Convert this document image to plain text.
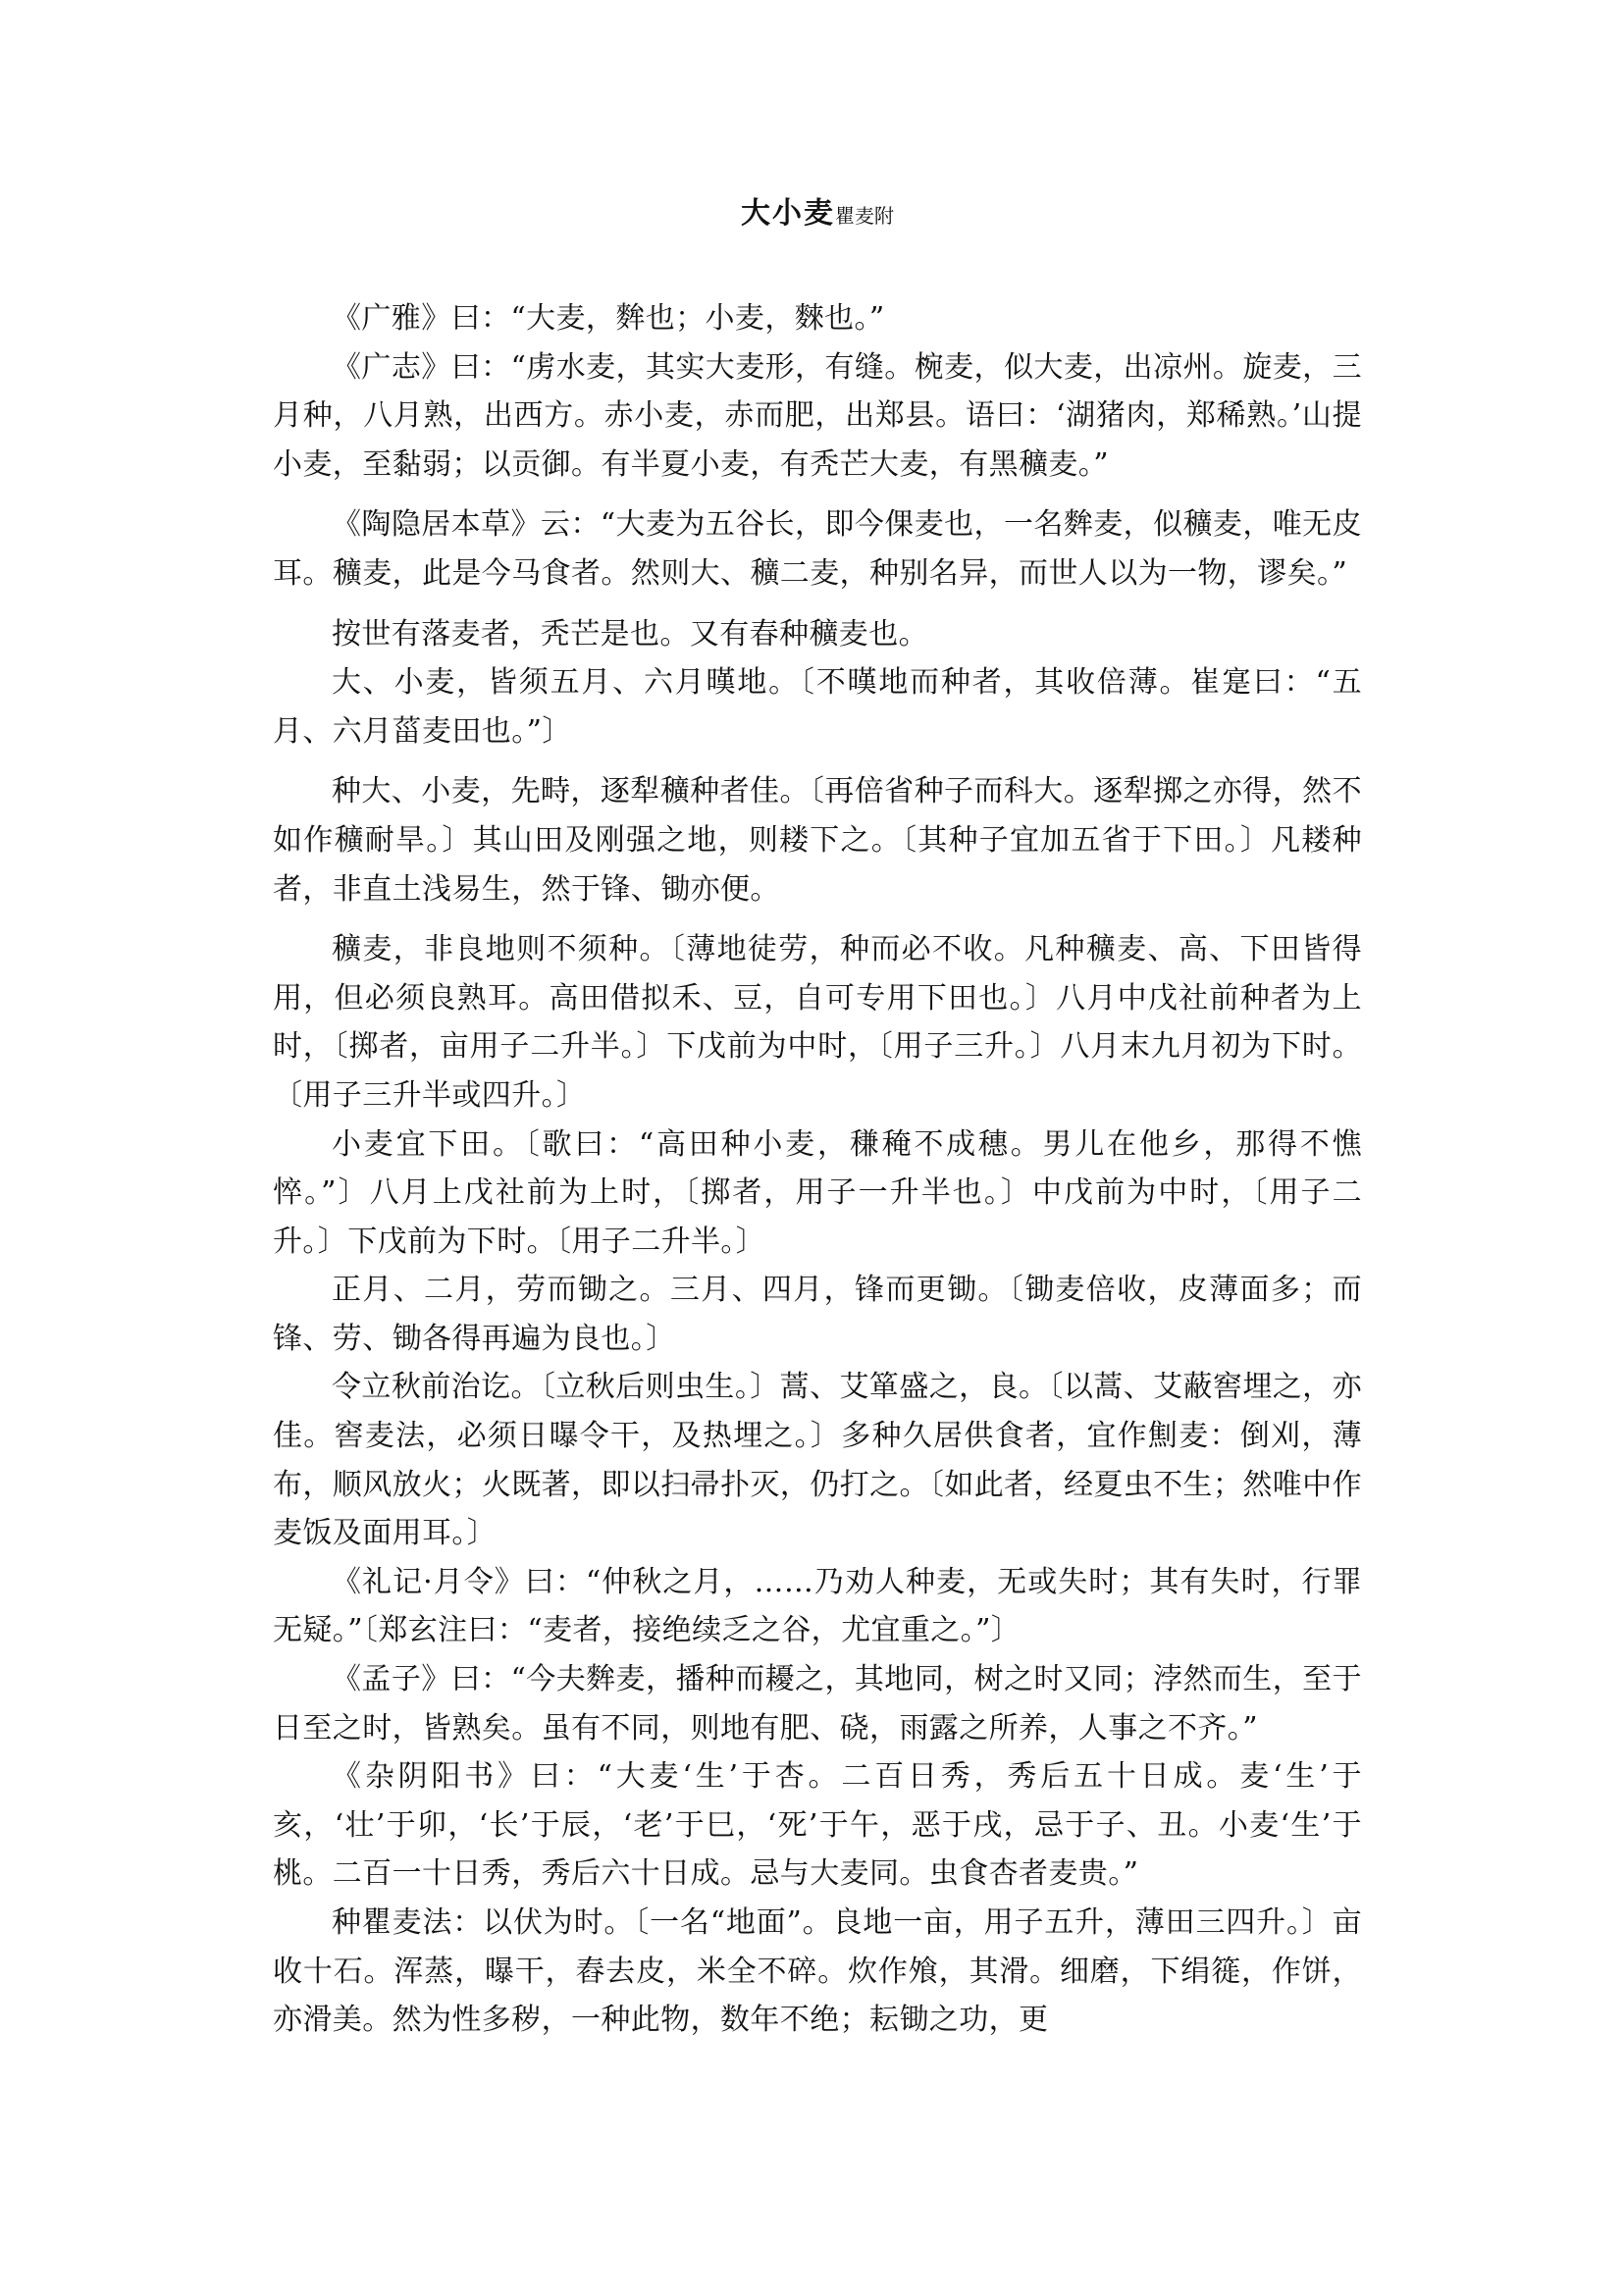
大小麦瞿麦附

《广雅》曰：“大麦，麰也；小麦，麳也。”

《广志》曰：“虏水麦，其实大麦形，有缝。椀麦，似大麦，出凉州。旋麦，三月种，八月熟，出西方。赤小麦，赤而肥，出郑县。语曰：‘湖猪肉，郑稀熟。’山提小麦，至黏弱；以贡御。有半夏小麦，有秃芒大麦，有黑穬麦。”

《陶隐居本草》云：“大麦为五谷长，即今倮麦也，一名麰麦，似穬麦，唯无皮耳。穬麦，此是今马食者。然则大、穬二麦，种别名异，而世人以为一物，谬矣。”

按世有落麦者，秃芒是也。又有春种穬麦也。

大、小麦，皆须五月、六月暵地。〔不暵地而种者，其收倍薄。崔寔曰：“五月、六月菑麦田也。”〕

种大、小麦，先畤，逐犁穬种者佳。〔再倍省种子而科大。逐犁掷之亦得，然不如作穬耐旱。〕其山田及刚强之地，则耧下之。〔其种子宜加五省于下田。〕凡耧种者，非直土浅易生，然于锋、锄亦便。

穬麦，非良地则不须种。〔薄地徒劳，种而必不收。凡种穬麦、高、下田皆得用，但必须良熟耳。高田借拟禾、豆，自可专用下田也。〕八月中戊社前种者为上时，〔掷者，亩用子二升半。〕下戊前为中时，〔用子三升。〕八月末九月初为下时。〔用子三升半或四升。〕

小麦宜下田。〔歌曰：“高田种小麦，稴䅖不成穗。男儿在他乡，那得不憔悴。”〕八月上戊社前为上时，〔掷者，用子一升半也。〕中戊前为中时，〔用子二升。〕下戊前为下时。〔用子二升半。〕

正月、二月，劳而锄之。三月、四月，锋而更锄。〔锄麦倍收，皮薄面多；而锋、劳、锄各得再遍为良也。〕

令立秋前治讫。〔立秋后则虫生。〕蒿、艾箪盛之，良。〔以蒿、艾蔽窖埋之，亦佳。窖麦法，必须日曝令干，及热埋之。〕多种久居供食者，宜作劁麦：倒刈，薄布，顺风放火；火既著，即以扫帚扑灭，仍打之。〔如此者，经夏虫不生；然唯中作麦饭及面用耳。〕

《礼记·月令》曰：“仲秋之月，……乃劝人种麦，无或失时；其有失时，行罪无疑。”〔郑玄注曰：“麦者，接绝续乏之谷，尤宜重之。”〕

《孟子》曰：“今夫麰麦，播种而耰之，其地同，树之时又同；浡然而生，至于日至之时，皆熟矣。虽有不同，则地有肥、硗，雨露之所养，人事之不齐。”

《杂阴阳书》曰：“大麦‘生’于杏。二百日秀，秀后五十日成。麦‘生’于亥，‘壮’于卯，‘长’于辰，‘老’于巳，‘死’于午，恶于戌，忌于子、丑。小麦‘生’于桃。二百一十日秀，秀后六十日成。忌与大麦同。虫食杏者麦贵。”

种瞿麦法：以伏为时。〔一名“地面”。良地一亩，用子五升，薄田三四升。〕亩收十石。浑蒸，曝干，舂去皮，米全不碎。炊作飧，其滑。细磨，下绢簁，作饼，亦滑美。然为性多秽，一种此物，数年不绝；耘锄之功，更
